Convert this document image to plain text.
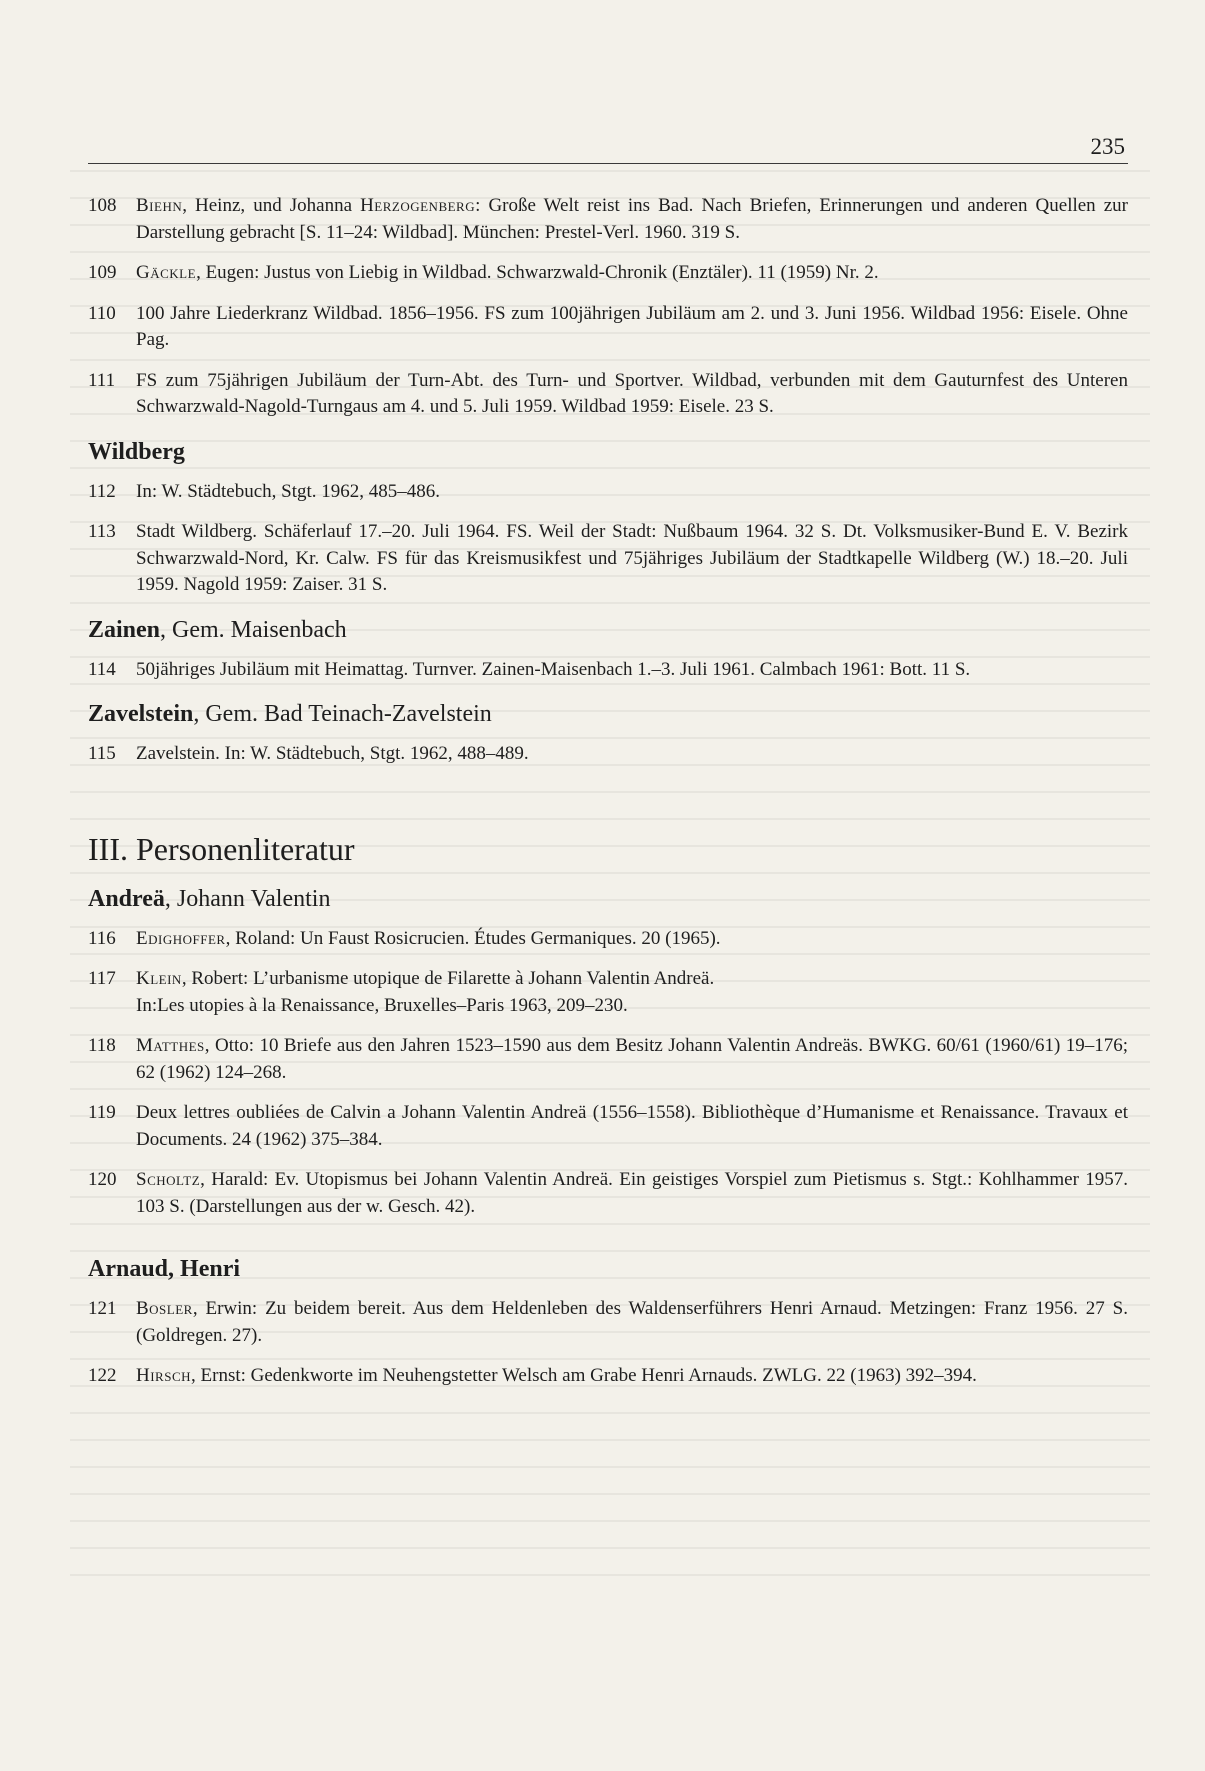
235
108 Biehn, Heinz, und Johanna Herzogenberg: Große Welt reist ins Bad. Nach Briefen, Erinnerungen und anderen Quellen zur Darstellung gebracht [S. 11–24: Wildbad]. München: Prestel-Verl. 1960. 319 S.
109 Gäckle, Eugen: Justus von Liebig in Wildbad. Schwarzwald-Chronik (Enztäler). 11 (1959) Nr. 2.
110 100 Jahre Liederkranz Wildbad. 1856–1956. FS zum 100jährigen Jubiläum am 2. und 3. Juni 1956. Wildbad 1956: Eisele. Ohne Pag.
111 FS zum 75jährigen Jubiläum der Turn-Abt. des Turn- und Sportver. Wildbad, verbunden mit dem Gauturnfest des Unteren Schwarzwald-Nagold-Turngaus am 4. und 5. Juli 1959. Wildbad 1959: Eisele. 23 S.
Wildberg
112 In: W. Städtebuch, Stgt. 1962, 485–486.
113 Stadt Wildberg. Schäferlauf 17.–20. Juli 1964. FS. Weil der Stadt: Nußbaum 1964. 32 S. Dt. Volksmusiker-Bund E. V. Bezirk Schwarzwald-Nord, Kr. Calw. FS für das Kreismusikfest und 75jähriges Jubiläum der Stadtkapelle Wildberg (W.) 18.–20. Juli 1959. Nagold 1959: Zaiser. 31 S.
Zainen, Gem. Maisenbach
114 50jähriges Jubiläum mit Heimattag. Turnver. Zainen-Maisenbach 1.–3. Juli 1961. Calmbach 1961: Bott. 11 S.
Zavelstein, Gem. Bad Teinach-Zavelstein
115 Zavelstein. In: W. Städtebuch, Stgt. 1962, 488–489.
III. Personenliteratur
Andreä, Johann Valentin
116 Edighoffer, Roland: Un Faust Rosicrucien. Études Germaniques. 20 (1965).
117 Klein, Robert: L’urbanisme utopique de Filarette à Johann Valentin Andreä.
In:Les utopies à la Renaissance, Bruxelles–Paris 1963, 209–230.
118 Matthes, Otto: 10 Briefe aus den Jahren 1523–1590 aus dem Besitz Johann Valentin Andreäs. BWKG. 60/61 (1960/61) 19–176; 62 (1962) 124–268.
119 Deux lettres oubliées de Calvin a Johann Valentin Andreä (1556–1558). Bibliothèque d’Humanisme et Renaissance. Travaux et Documents. 24 (1962) 375–384.
120 Scholtz, Harald: Ev. Utopismus bei Johann Valentin Andreä. Ein geistiges Vorspiel zum Pietismus s. Stgt.: Kohlhammer 1957. 103 S. (Darstellungen aus der w. Gesch. 42).
Arnaud, Henri
121 Bosler, Erwin: Zu beidem bereit. Aus dem Heldenleben des Waldenserführers Henri Arnaud. Metzingen: Franz 1956. 27 S. (Goldregen. 27).
122 Hirsch, Ernst: Gedenkworte im Neuhengstetter Welsch am Grabe Henri Arnauds. ZWLG. 22 (1963) 392–394.
